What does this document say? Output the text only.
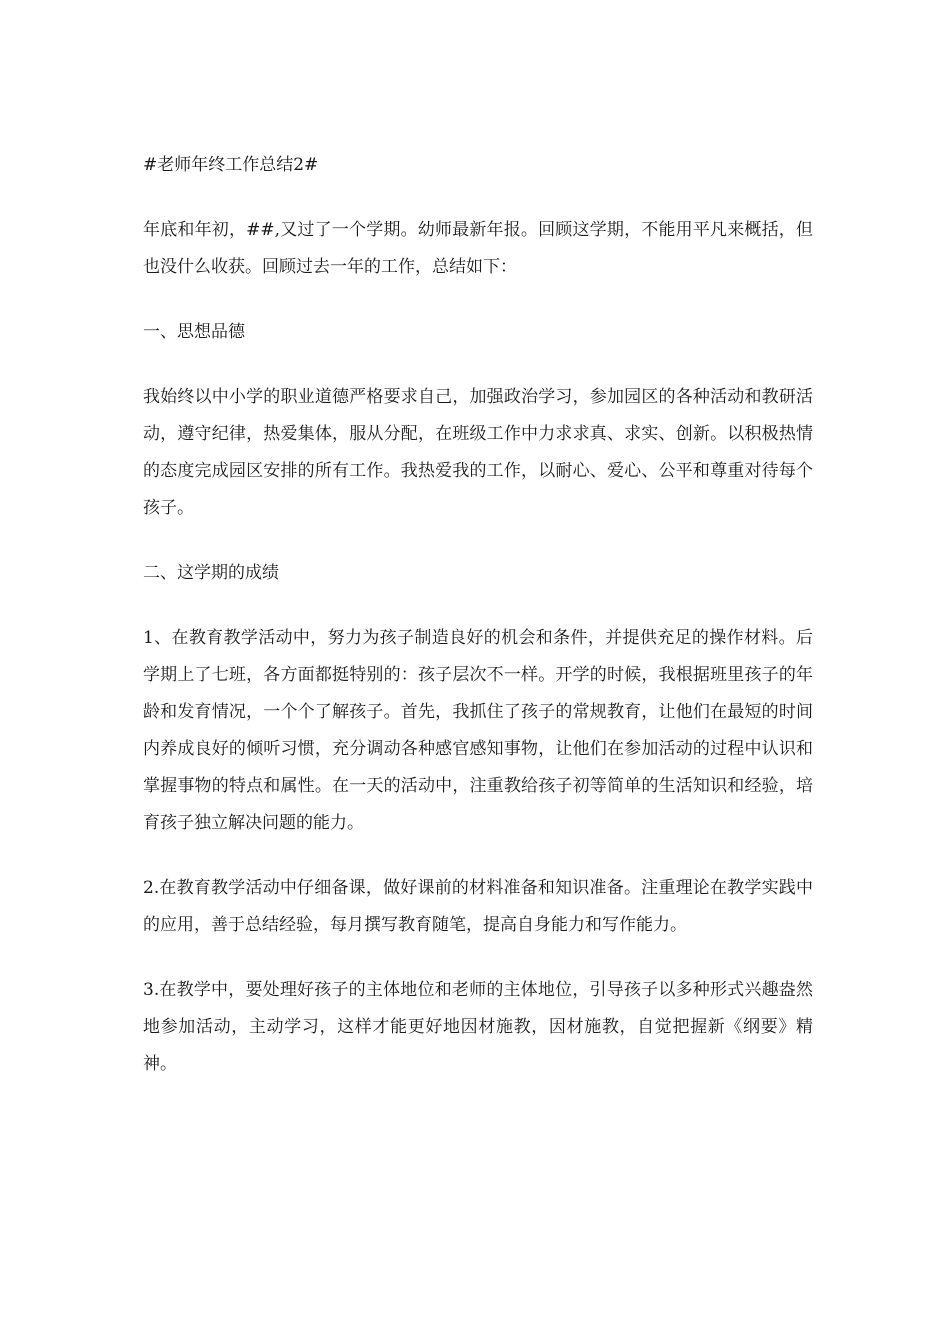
#老师年终工作总结2#

年底和年初，##,又过了一个学期。幼师最新年报。回顾这学期，不能用平凡来概括，但也没什么收获。回顾过去一年的工作，总结如下：

一、思想品德

我始终以中小学的职业道德严格要求自己，加强政治学习，参加园区的各种活动和教研活动，遵守纪律，热爱集体，服从分配，在班级工作中力求求真、求实、创新。以积极热情的态度完成园区安排的所有工作。我热爱我的工作，以耐心、爱心、公平和尊重对待每个孩子。

二、这学期的成绩

1、在教育教学活动中，努力为孩子制造良好的机会和条件，并提供充足的操作材料。后学期上了七班，各方面都挺特别的：孩子层次不一样。开学的时候，我根据班里孩子的年龄和发育情况，一个个了解孩子。首先，我抓住了孩子的常规教育，让他们在最短的时间内养成良好的倾听习惯，充分调动各种感官感知事物，让他们在参加活动的过程中认识和掌握事物的特点和属性。在一天的活动中，注重教给孩子初等简单的生活知识和经验，培育孩子独立解决问题的能力。

2.在教育教学活动中仔细备课，做好课前的材料准备和知识准备。注重理论在教学实践中的应用，善于总结经验，每月撰写教育随笔，提高自身能力和写作能力。

3.在教学中，要处理好孩子的主体地位和老师的主体地位，引导孩子以多种形式兴趣盎然地参加活动，主动学习，这样才能更好地因材施教，因材施教，自觉把握新《纲要》精神。
